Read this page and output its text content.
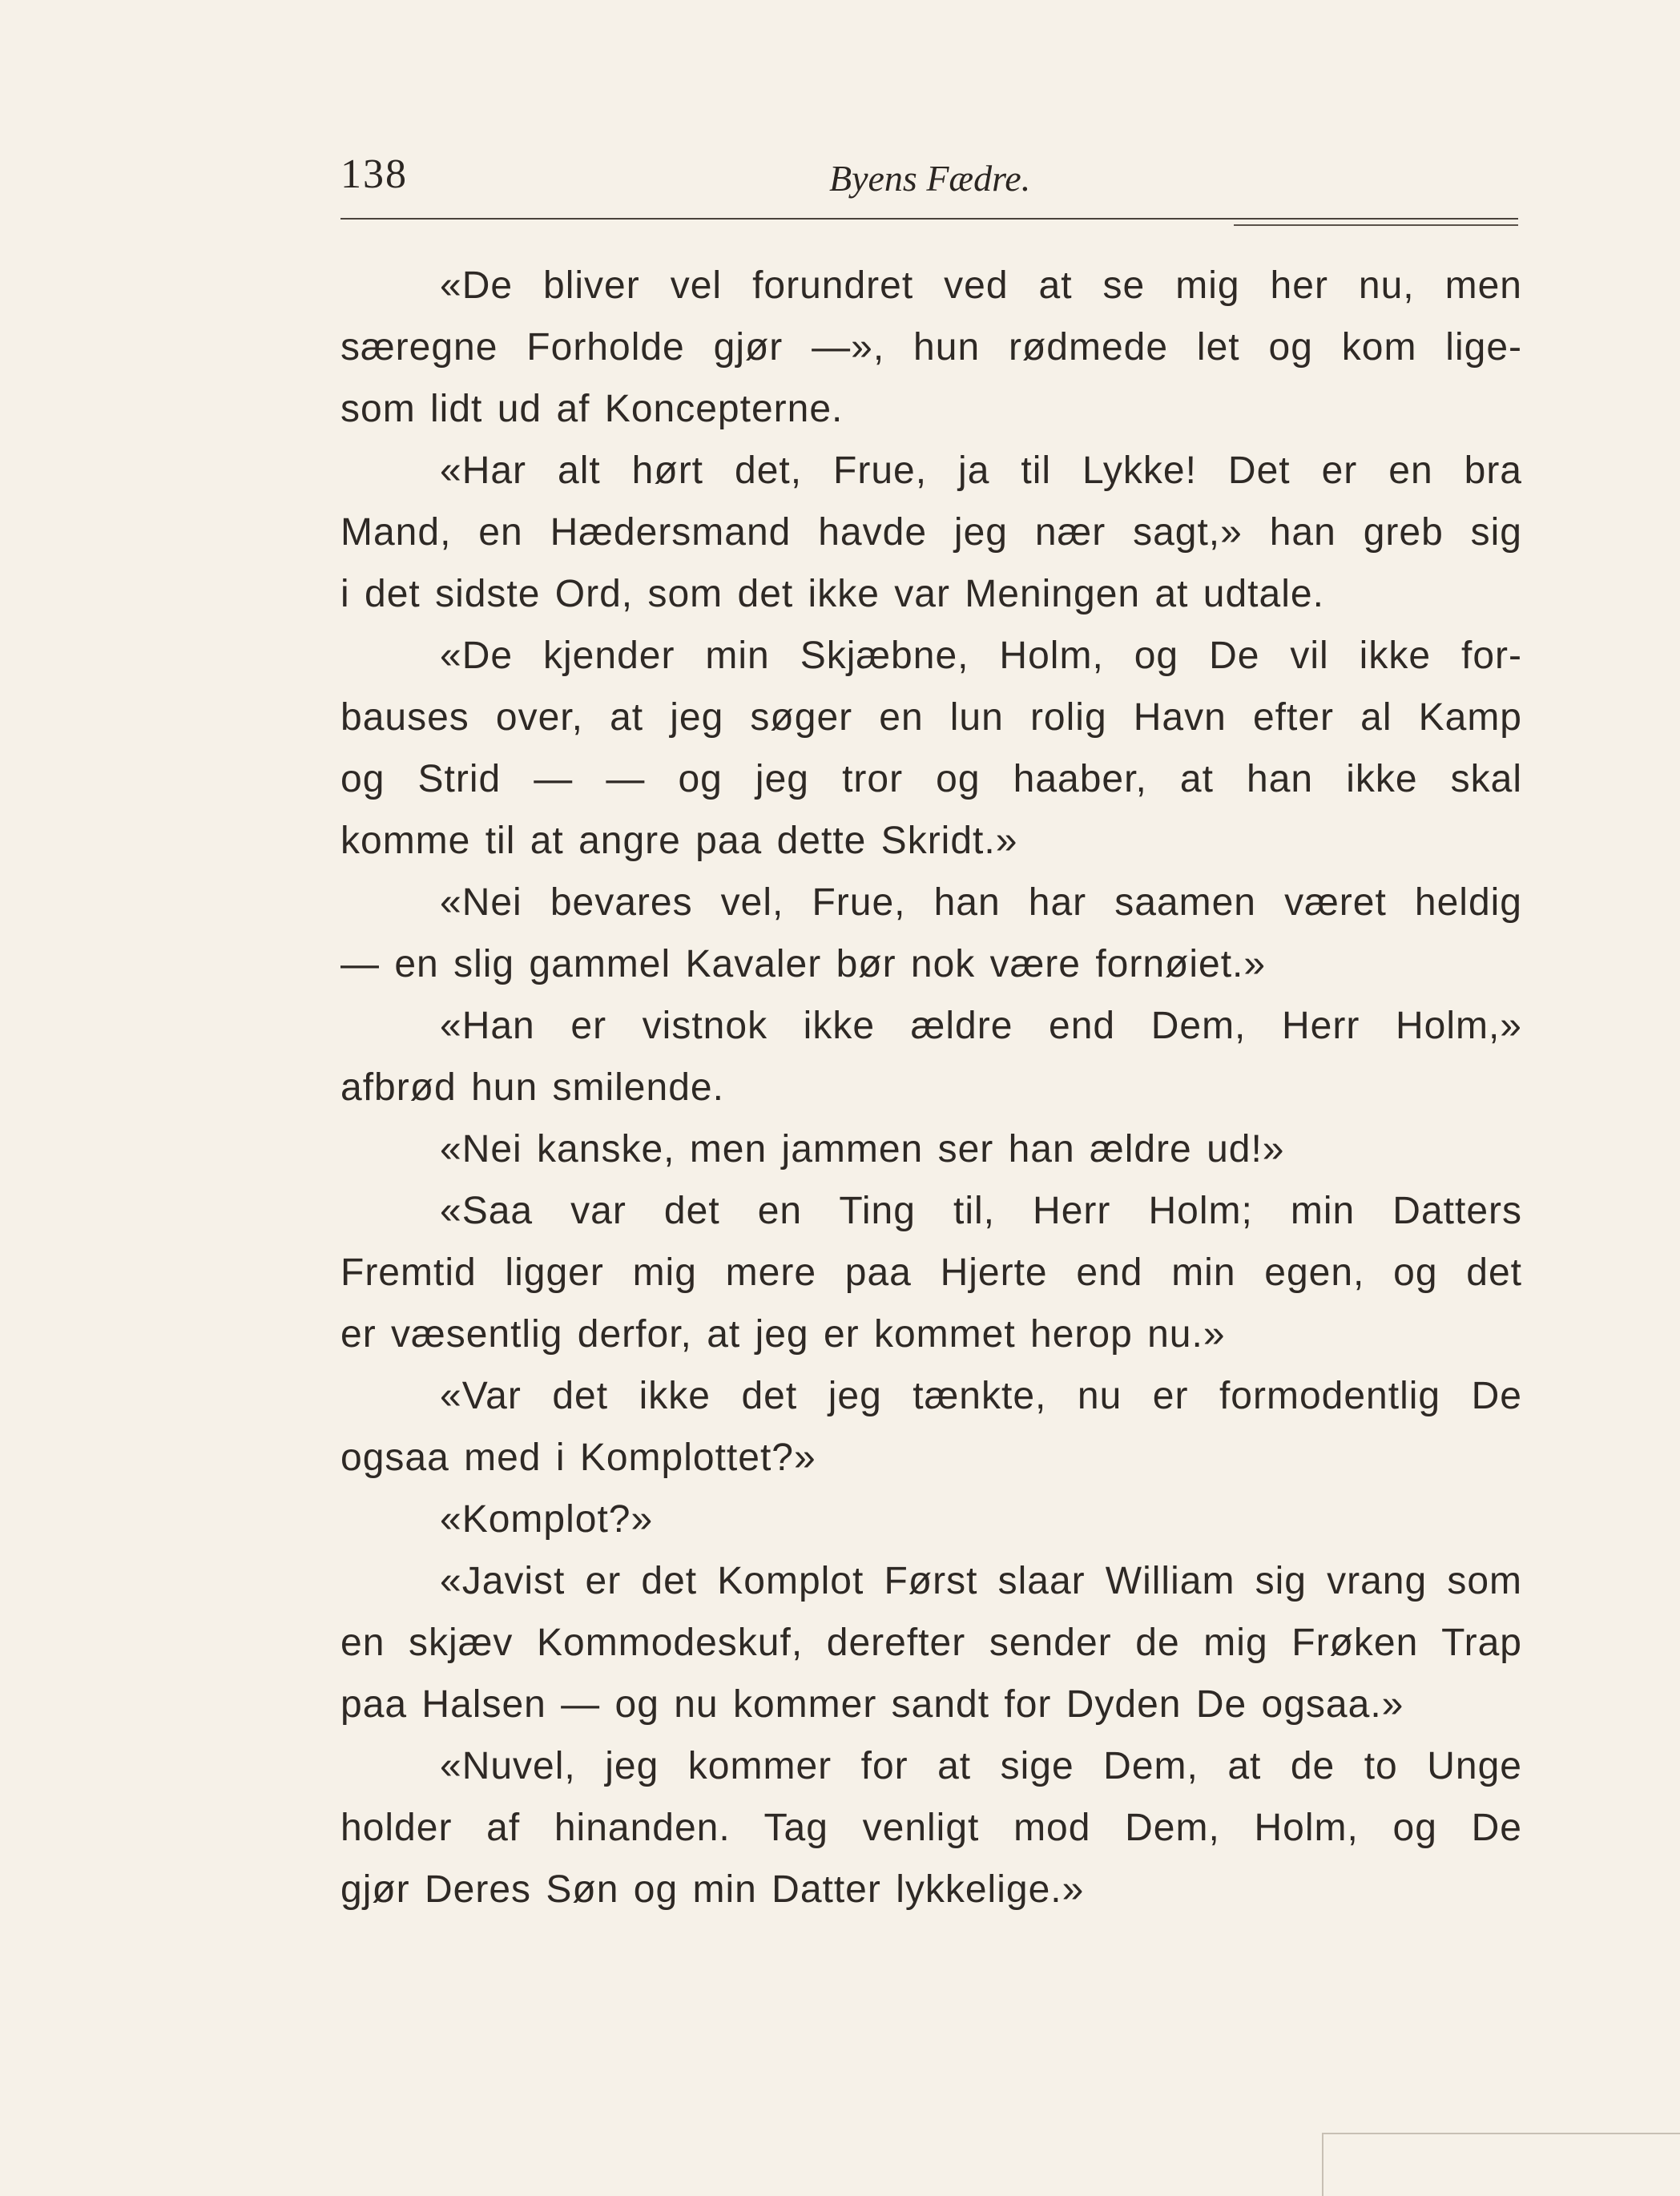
138	Byens Fædre.
«De bliver vel forundret ved at se mig her nu, men
særegne Forholde gjør —», hun rødmede let og kom lige-
som lidt ud af Koncepterne.
«Har alt hørt det, Frue, ja til Lykke! Det er en bra
Mand, en Hædersmand havde jeg nær sagt,» han greb sig
i det sidste Ord, som det ikke var Meningen at udtale.
«De kjender min Skjæbne, Holm, og De vil ikke for-
bauses over, at jeg søger en lun rolig Havn efter al Kamp
og Strid — — og jeg tror og haaber, at han ikke skal
komme til at angre paa dette Skridt.»
«Nei bevares vel, Frue, han har saamen været heldig
— en slig gammel Kavaler bør nok være fornøiet.»
«Han er vistnok ikke ældre end Dem, Herr Holm,»
afbrød hun smilende.
«Nei kanske, men jammen ser han ældre ud!»
«Saa var det en Ting til, Herr Holm; min Datters
Fremtid ligger mig mere paa Hjerte end min egen, og det
er væsentlig derfor, at jeg er kommet herop nu.»
«Var det ikke det jeg tænkte, nu er formodentlig De
ogsaa med i Komplottet?»
«Komplot?»
«Javist er det Komplot Først slaar William sig vrang som
en skjæv Kommodeskuf, derefter sender de mig Frøken Trap
paa Halsen — og nu kommer sandt for Dyden De ogsaa.»
«Nuvel, jeg kommer for at sige Dem, at de to Unge
holder af hinanden. Tag venligt mod Dem, Holm, og De
gjør Deres Søn og min Datter lykkelige.»
